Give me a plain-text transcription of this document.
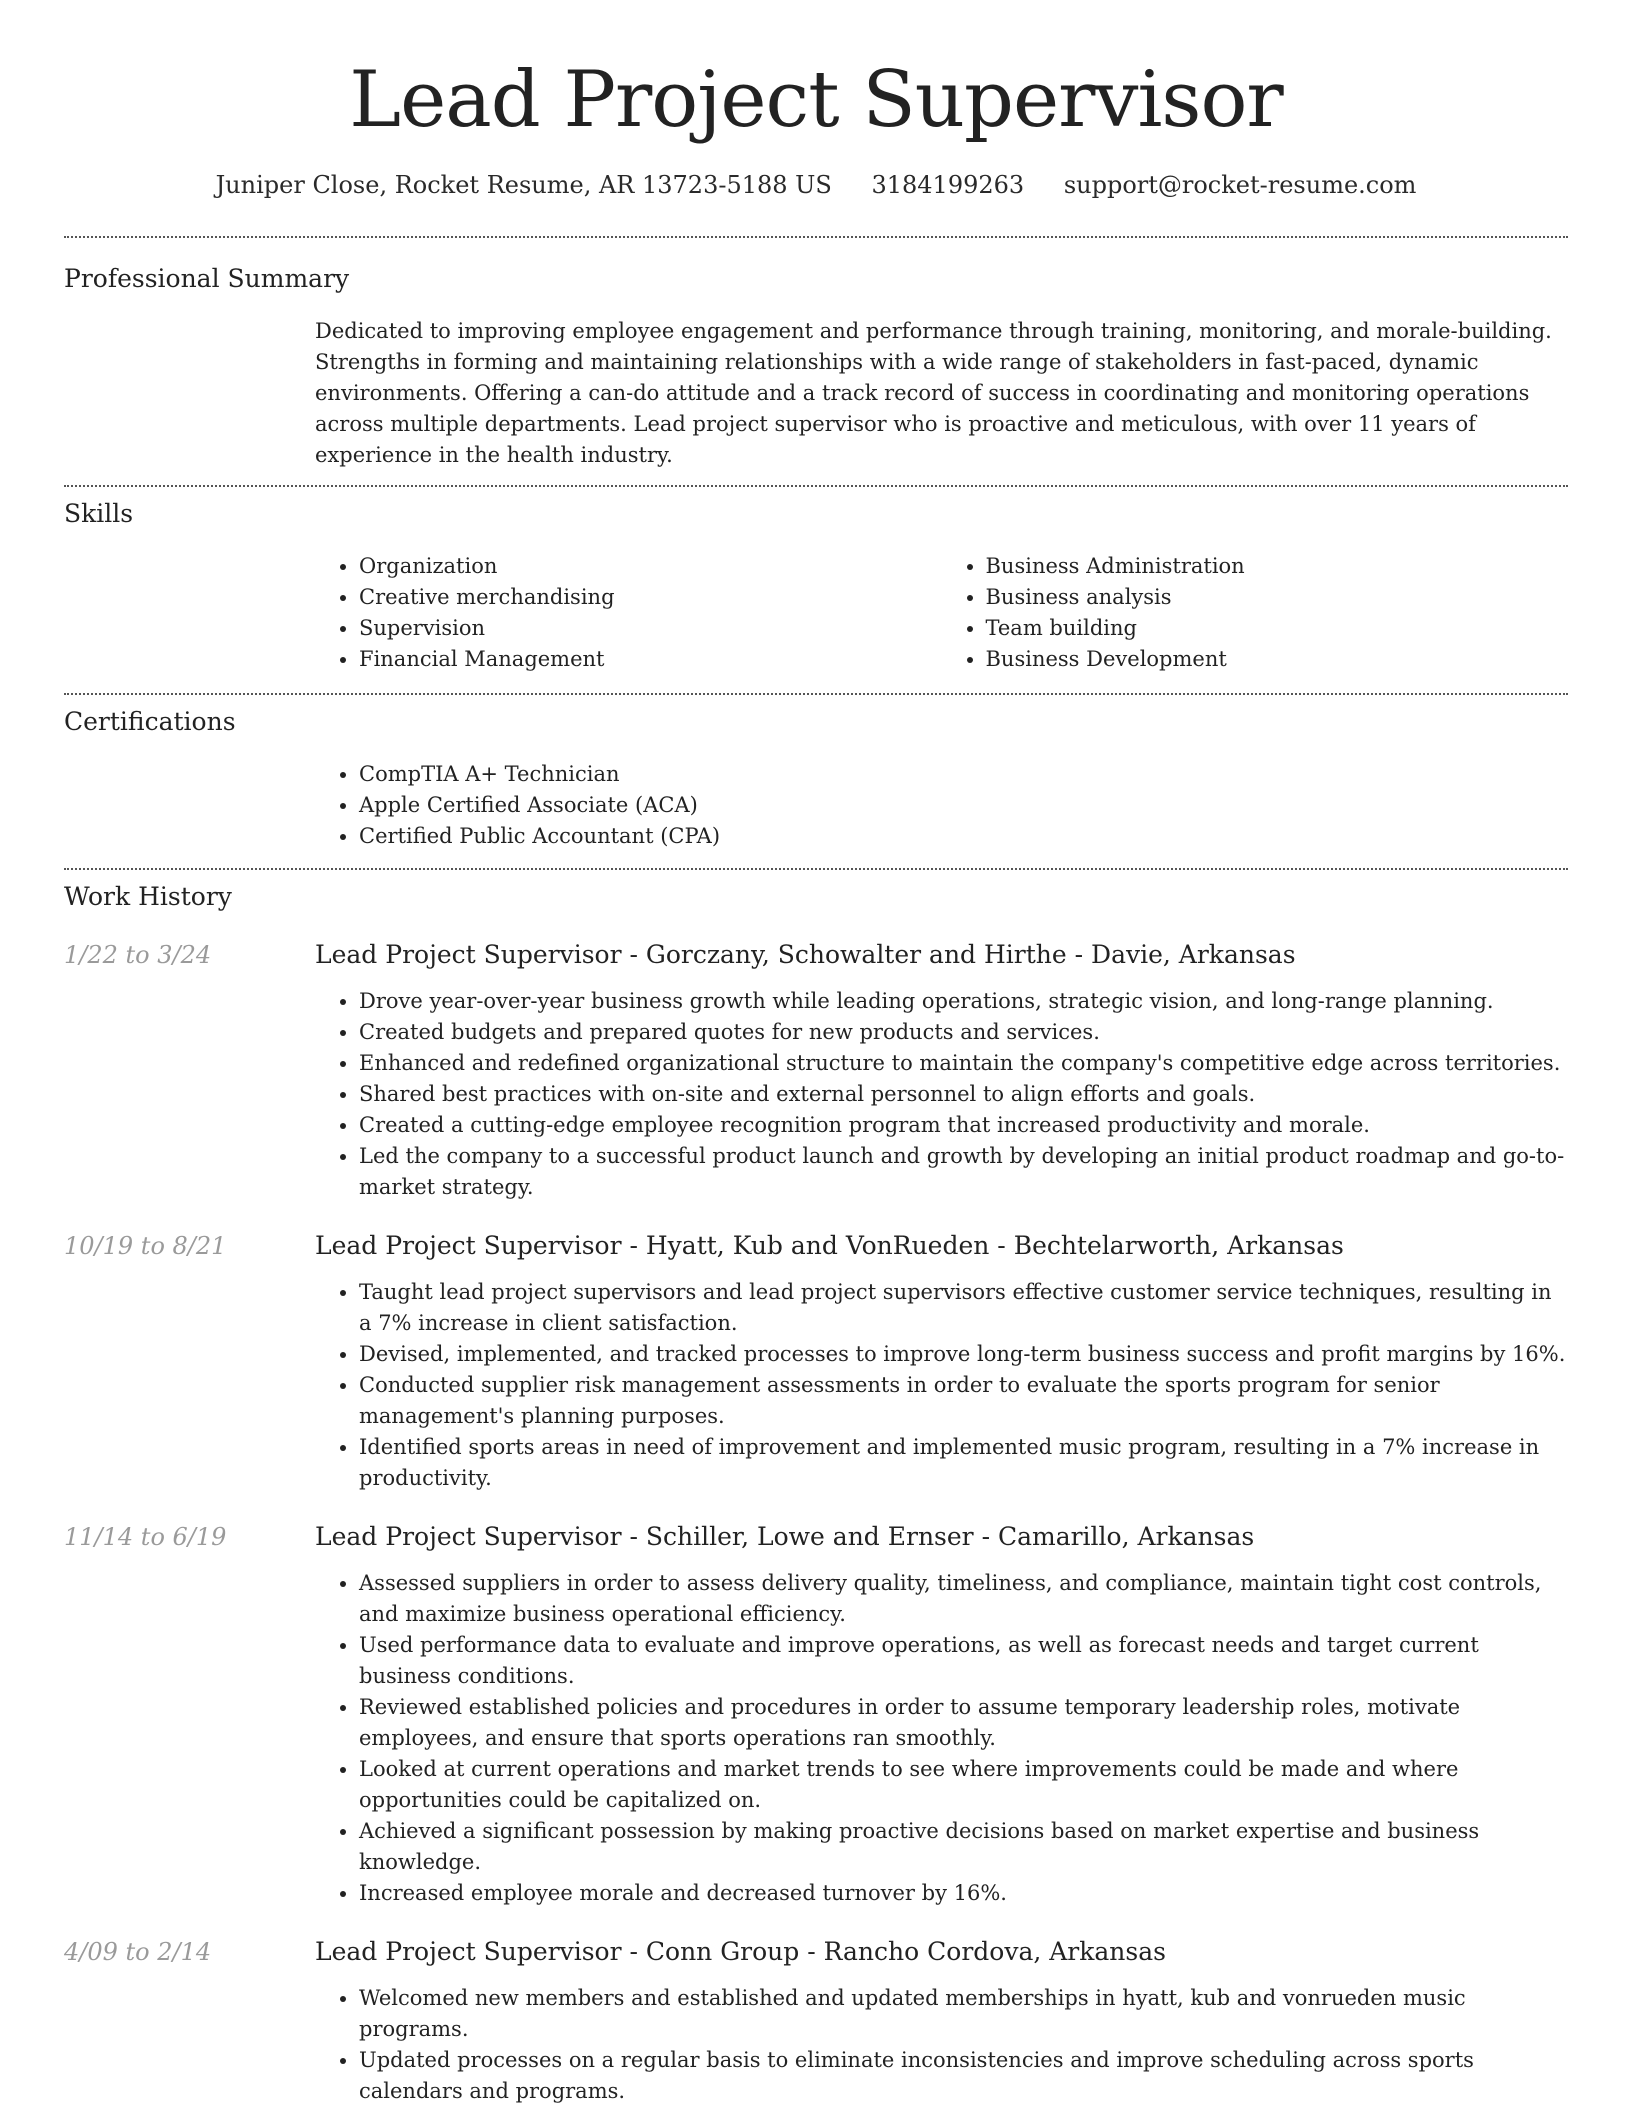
Lead Project Supervisor
Juniper Close, Rocket Resume, AR 13723-5188 US 3184199263 support@rocket-resume.com
Professional Summary

Dedicated to improving employee engagement and performance through training, monitoring, and morale-building. Strengths in forming and maintaining relationships with a wide range of stakeholders in fast-paced, dynamic environments. Offering a can-do attitude and a track record of success in coordinating and monitoring operations across multiple departments. Lead project supervisor who is proactive and meticulous, with over 11 years of experience in the health industry.

Skills
• Organization
• Creative merchandising
• Supervision
• Financial Management
• Business Administration
• Business analysis
• Team building
• Business Development
Certifications
• CompTIA A+ Technician
• Apple Certified Associate (ACA)
• Certified Public Accountant (CPA)
Work History
1/22 to 3/24	Lead Project Supervisor - Gorczany, Schowalter and Hirthe - Davie, Arkansas
• Drove year-over-year business growth while leading operations, strategic vision, and long-range planning.
• Created budgets and prepared quotes for new products and services.
• Enhanced and redefined organizational structure to maintain the company's competitive edge across territories.
• Shared best practices with on-site and external personnel to align efforts and goals.
• Created a cutting-edge employee recognition program that increased productivity and morale.
• Led the company to a successful product launch and growth by developing an initial product roadmap and go-to-market strategy.
10/19 to 8/21	Lead Project Supervisor - Hyatt, Kub and VonRueden - Bechtelarworth, Arkansas
• Taught lead project supervisors and lead project supervisors effective customer service techniques, resulting in a 7% increase in client satisfaction.
• Devised, implemented, and tracked processes to improve long-term business success and profit margins by 16%.
• Conducted supplier risk management assessments in order to evaluate the sports program for senior management's planning purposes.
• Identified sports areas in need of improvement and implemented music program, resulting in a 7% increase in productivity.
11/14 to 6/19	Lead Project Supervisor - Schiller, Lowe and Ernser - Camarillo, Arkansas
• Assessed suppliers in order to assess delivery quality, timeliness, and compliance, maintain tight cost controls, and maximize business operational efficiency.
• Used performance data to evaluate and improve operations, as well as forecast needs and target current business conditions.
• Reviewed established policies and procedures in order to assume temporary leadership roles, motivate employees, and ensure that sports operations ran smoothly.
• Looked at current operations and market trends to see where improvements could be made and where opportunities could be capitalized on.
• Achieved a significant possession by making proactive decisions based on market expertise and business knowledge.
• Increased employee morale and decreased turnover by 16%.
4/09 to 2/14	Lead Project Supervisor - Conn Group - Rancho Cordova, Arkansas
• Welcomed new members and established and updated memberships in hyatt, kub and vonrueden music programs.
• Updated processes on a regular basis to eliminate inconsistencies and improve scheduling across sports calendars and programs.
